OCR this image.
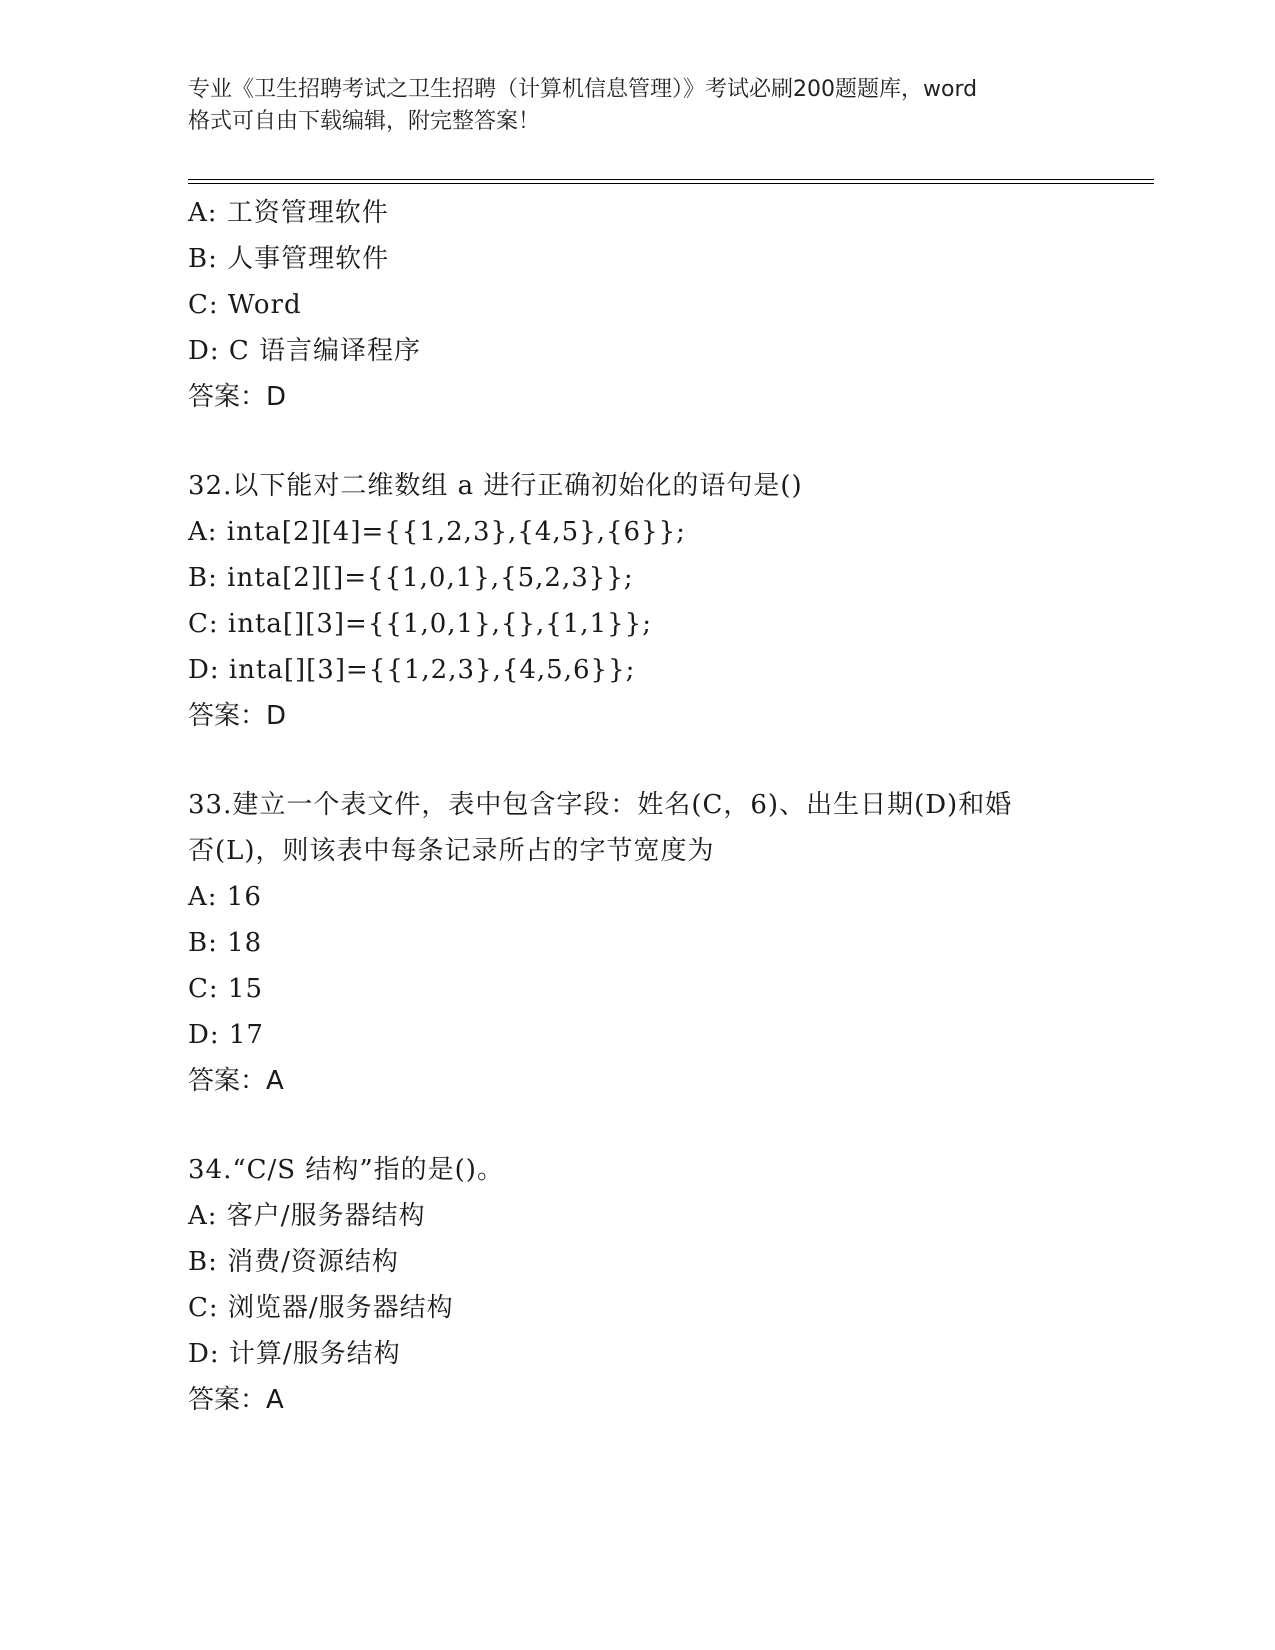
专业《卫生招聘考试之卫生招聘（计算机信息管理）》考试必刷200题题库，word
格式可自由下载编辑，附完整答案！
A: 工资管理软件
B: 人事管理软件
C: Word
D: C 语言编译程序
答案：D
32.以下能对二维数组 a 进行正确初始化的语句是()
A: inta[2][4]={{1,2,3},{4,5},{6}};
B: inta[2][]={{1,0,1},{5,2,3}};
C: inta[][3]={{1,0,1},{},{1,1}};
D: inta[][3]={{1,2,3},{4,5,6}};
答案：D
33.建立一个表文件，表中包含字段：姓名(C，6)、出生日期(D)和婚
否(L)，则该表中每条记录所占的字节宽度为
A: 16
B: 18
C: 15
D: 17
答案：A
34.“C/S 结构”指的是()。
A: 客户/服务器结构
B: 消费/资源结构
C: 浏览器/服务器结构
D: 计算/服务结构
答案：A
